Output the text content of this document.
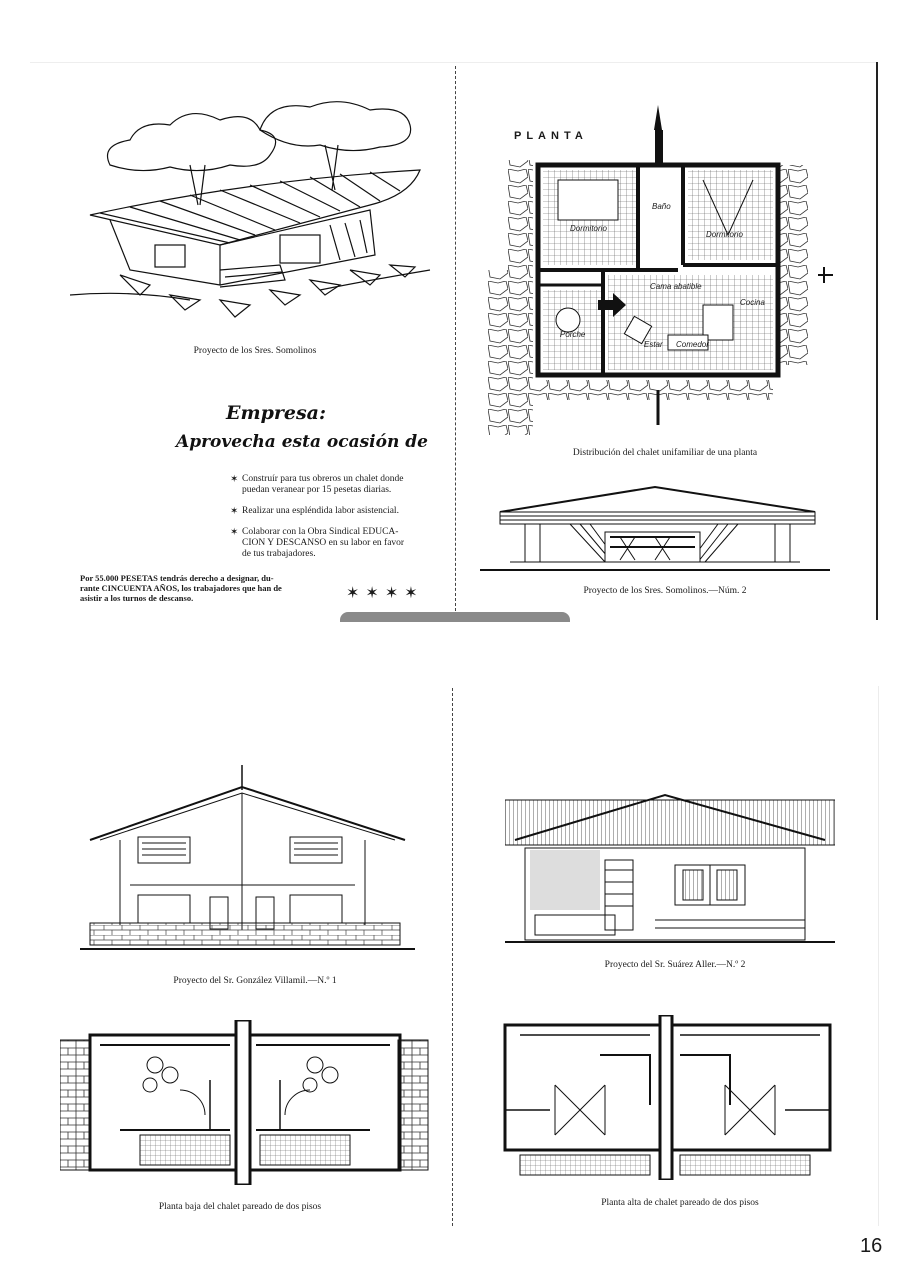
Proyecto de los Sres. Somolinos
Empresa:
Aprovecha esta ocasión de
✶ Construír para tus obreros un chalet donde
puedan veranear por 15 pesetas diarias.
✶ Realizar una espléndida labor asistencial.
✶ Colaborar con la Obra Sindical EDUCA-
CION Y DESCANSO en su labor en favor
de tus trabajadores.
Por 55.000 PESETAS tendrás derecho a designar, du-
rante CINCUENTA AÑOS, los trabajadores que han de
asistir a los turnos de descanso.	✶✶✶✶
PLANTA
Dormitorio
Dormitorio
Baño
Cocina
Cama abatible
Estar Comedor
Porche
Distribución del chalet unifamiliar de una planta
Proyecto de los Sres. Somolinos.—Núm. 2
Proyecto del Sr. González Villamil.—N.º 1
Planta baja del chalet pareado de dos pisos
Proyecto del Sr. Suárez Aller.—N.º 2
Planta alta de chalet pareado de dos pisos
16
